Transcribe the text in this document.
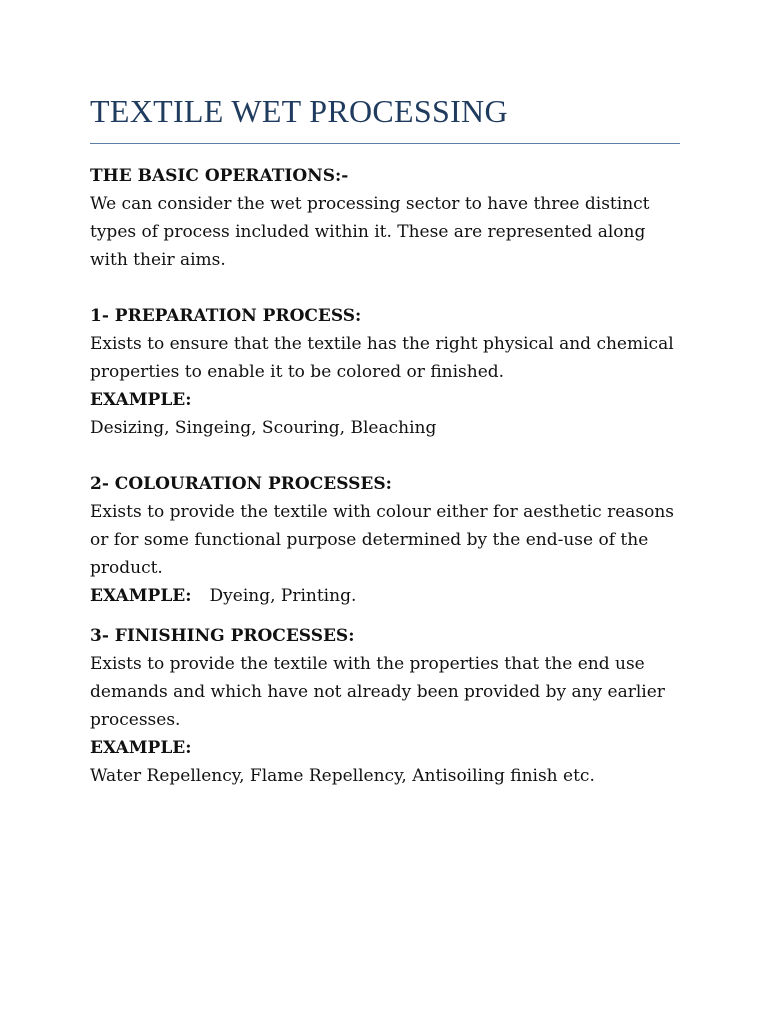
TEXTILE WET PROCESSING
THE BASIC OPERATIONS:-
We can consider the wet processing sector to have three distinct
types of process included within it. These are represented along
with their aims.
1- PREPARATION PROCESS:
Exists to ensure that the textile has the right physical and chemical
properties to enable it to be colored or finished.
EXAMPLE:
Desizing, Singeing, Scouring, Bleaching
2- COLOURATION PROCESSES:
Exists to provide the textile with colour either for aesthetic reasons
or for some functional purpose determined by the end-use of the
product.
EXAMPLE: Dyeing, Printing.
3- FINISHING PROCESSES:
Exists to provide the textile with the properties that the end use
demands and which have not already been provided by any earlier
processes.
EXAMPLE:
Water Repellency, Flame Repellency, Antisoiling finish etc.
